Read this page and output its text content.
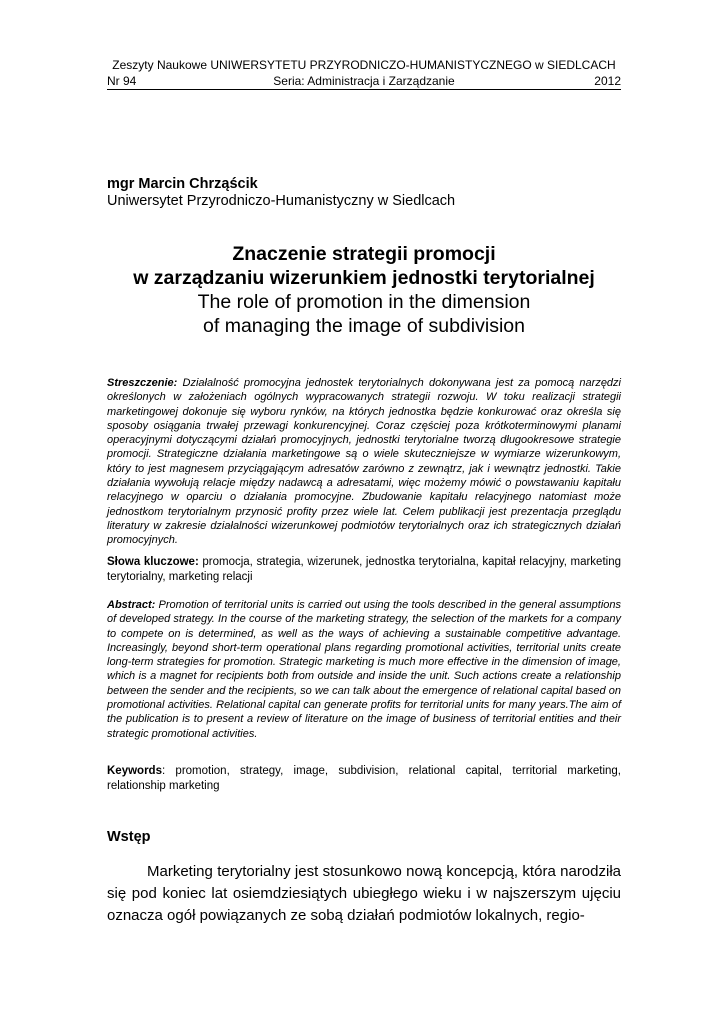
Zeszyty Naukowe UNIWERSYTETU PRZYRODNICZO-HUMANISTYCZNEGO w SIEDLCACH
Nr 94	Seria: Administracja i Zarządzanie	2012
mgr Marcin Chrząścik
Uniwersytet Przyrodniczo-Humanistyczny w Siedlcach

Znaczenie strategii promocji

w zarządzaniu wizerunkiem jednostki terytorialnej

The role of promotion in the dimension

of managing the image of subdivision

Streszczenie: Działalność promocyjna jednostek terytorialnych dokonywana jest za pomocą narzędzi określonych w założeniach ogólnych wypracowanych strategii rozwoju. W toku realizacji strategii marketingowej dokonuje się wyboru rynków, na których jednostka będzie konkurować oraz określa się sposoby osiągania trwałej przewagi konkurencyjnej. Coraz częściej poza krótkoterminowymi planami operacyjnymi dotyczącymi działań promocyjnych, jednostki terytorialne tworzą długookresowe strategie promocji. Strategiczne działania marketingowe są o wiele skuteczniejsze w wymiarze wizerunkowym, który to jest magnesem przyciągającym adresatów zarówno z zewnątrz, jak i wewnątrz jednostki. Takie działania wywołują relacje między nadawcą a adresatami, więc możemy mówić o powstawaniu kapitału relacyjnego w oparciu o działania promocyjne. Zbudowanie kapitału relacyjnego natomiast może jednostkom terytorialnym przynosić profity przez wiele lat. Celem publikacji jest prezentacja przeglądu literatury w zakresie działalności wizerunkowej podmiotów terytorialnych oraz ich strategicznych działań promocyjnych.

Słowa kluczowe: promocja, strategia, wizerunek, jednostka terytorialna, kapitał relacyjny, marketing terytorialny, marketing relacji

Abstract: Promotion of territorial units is carried out using the tools described in the general assumptions of developed strategy. In the course of the marketing strategy, the selection of the markets for a company to compete on is determined, as well as the ways of achieving a sustainable competitive advantage. Increasingly, beyond short-term operational plans regarding promotional activities, territorial units create long-term strategies for promotion. Strategic marketing is much more effective in the dimension of image, which is a magnet for recipients both from outside and inside the unit. Such actions create a relationship between the sender and the recipients, so we can talk about the emergence of relational capital based on promotional activities. Relational capital can generate profits for territorial units for many years.The aim of the publication is to present a review of literature on the image of business of territorial entities and their strategic promotional activities.

Keywords: promotion, strategy, image, subdivision, relational capital, territorial marketing, relationship marketing

Wstęp

Marketing terytorialny jest stosunkowo nową koncepcją, która narodziła się pod koniec lat osiemdziesiątych ubiegłego wieku i w najszerszym ujęciu oznacza ogół powiązanych ze sobą działań podmiotów lokalnych, regio-
